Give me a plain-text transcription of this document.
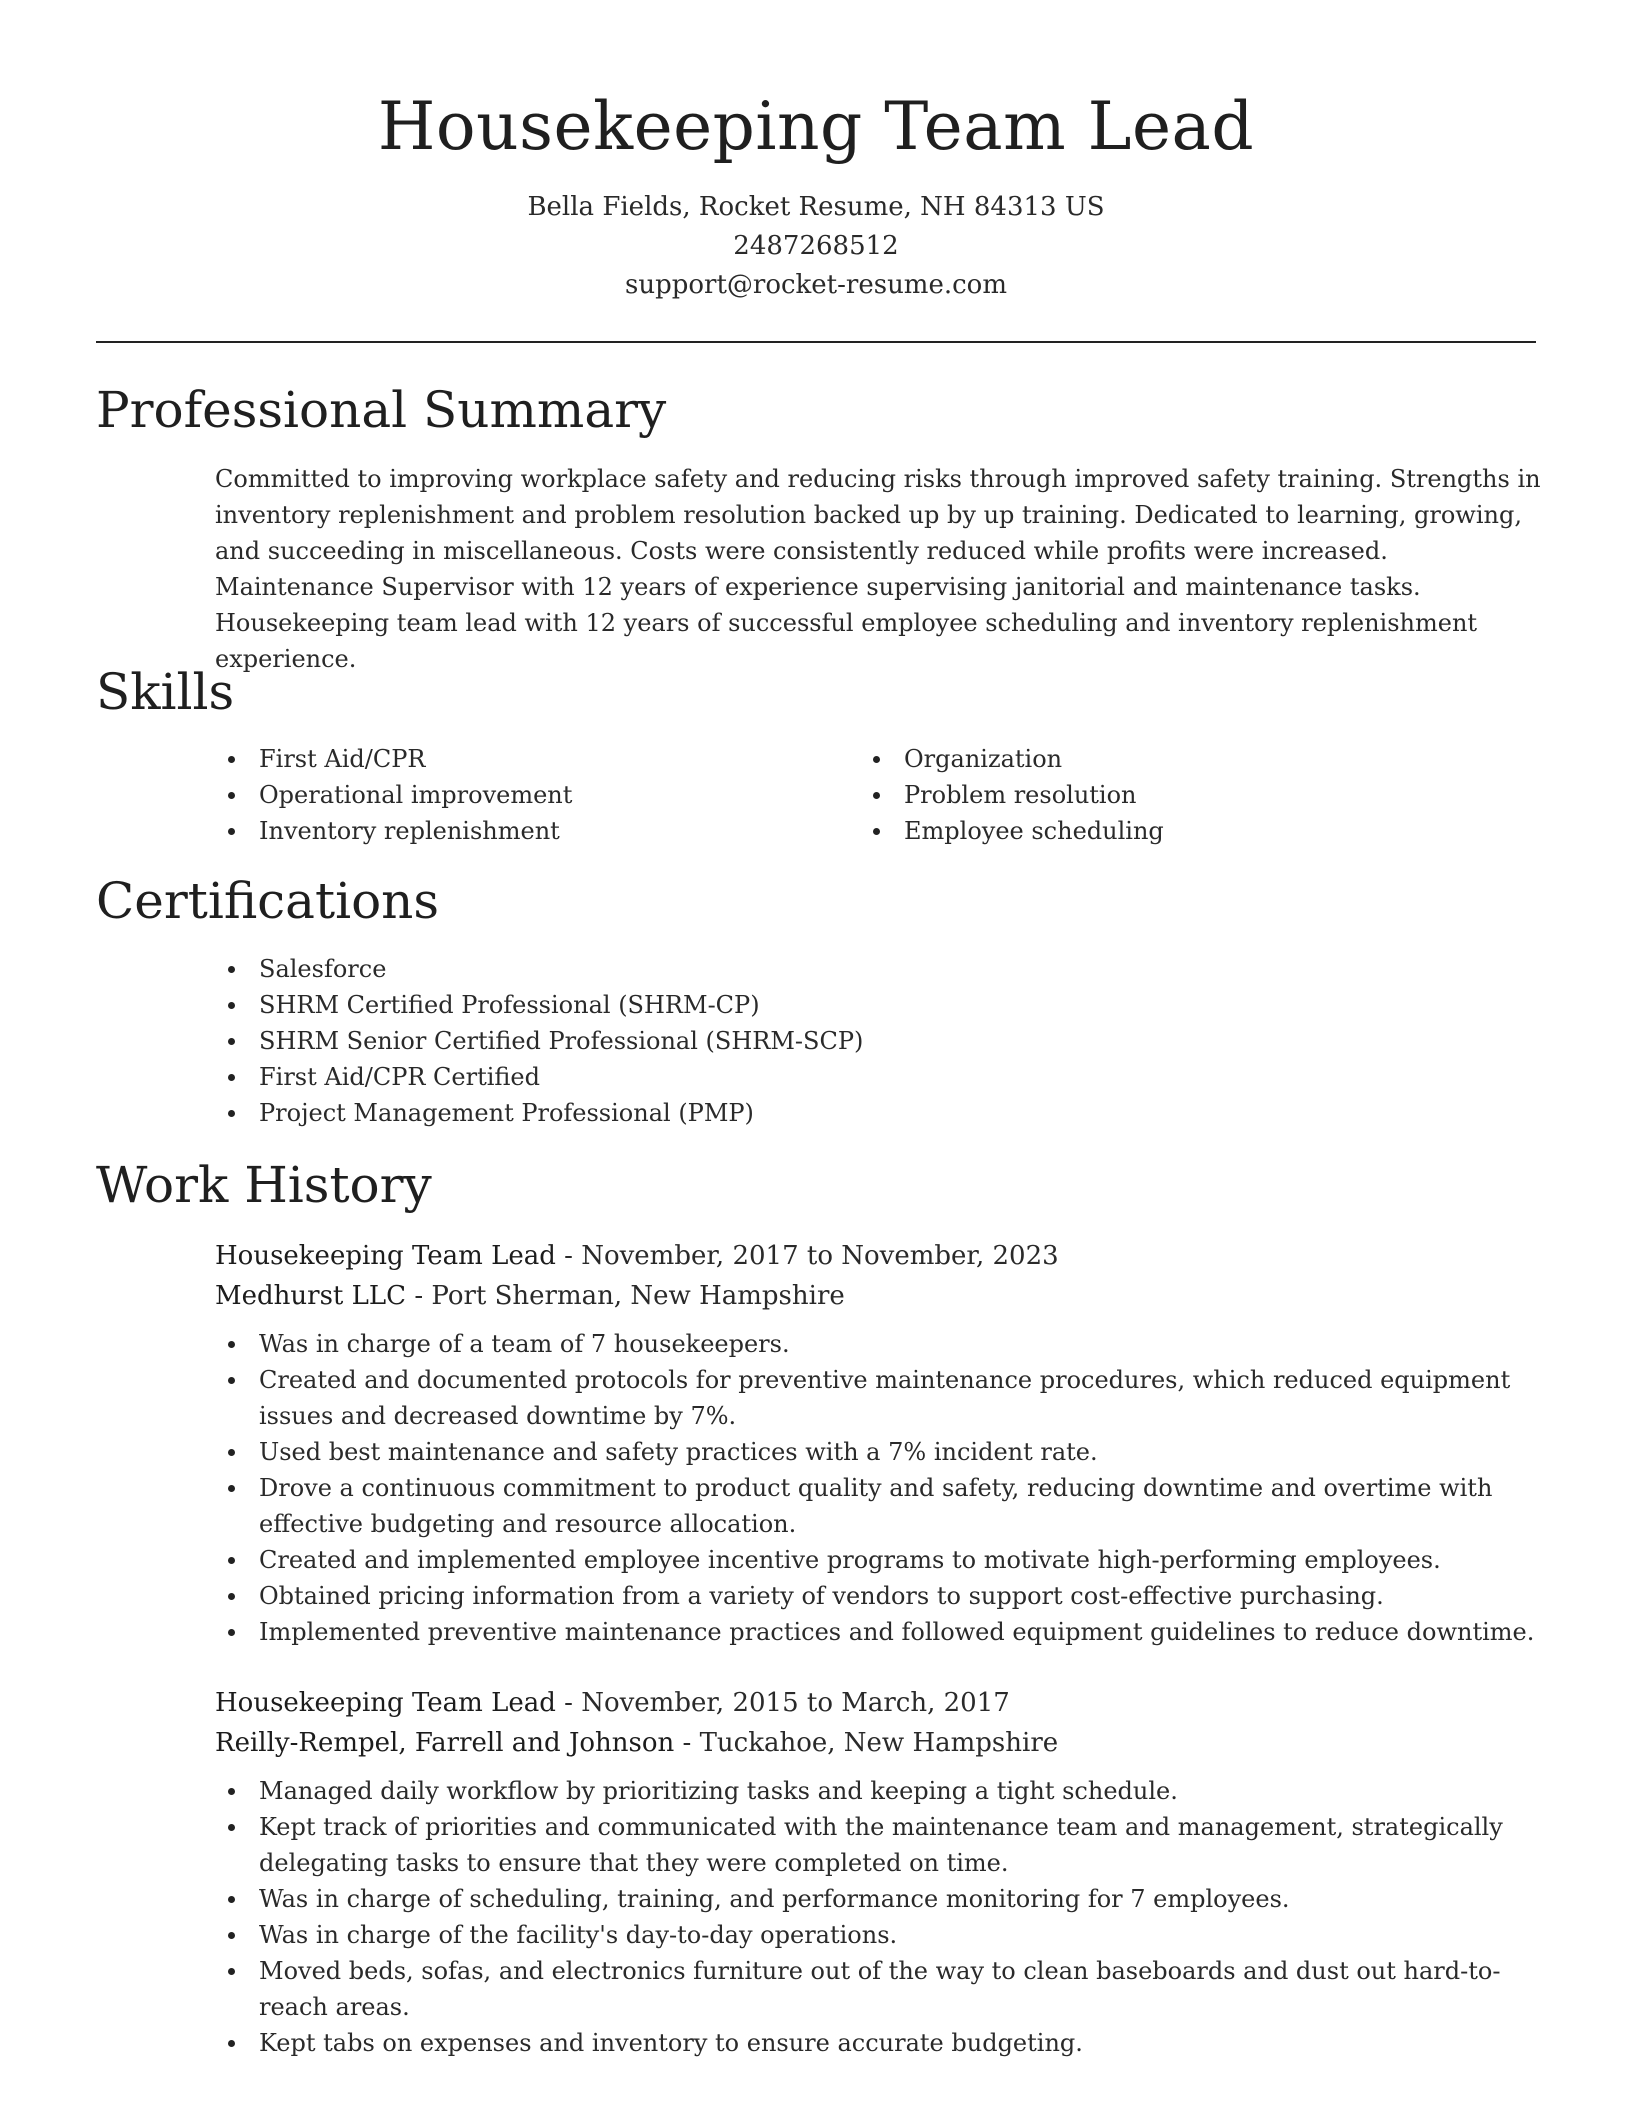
Housekeeping Team Lead
Bella Fields, Rocket Resume, NH 84313 US
2487268512
support@rocket-resume.com
Professional Summary

Committed to improving workplace safety and reducing risks through improved safety training. Strengths in inventory replenishment and problem resolution backed up by up training. Dedicated to learning, growing, and succeeding in miscellaneous. Costs were consistently reduced while profits were increased. Maintenance Supervisor with 12 years of experience supervising janitorial and maintenance tasks. Housekeeping team lead with 12 years of successful employee scheduling and inventory replenishment experience.

Skills
First Aid/CPR
Operational improvement
Inventory replenishment
Organization
Problem resolution
Employee scheduling
Certifications
Salesforce
SHRM Certified Professional (SHRM-CP)
SHRM Senior Certified Professional (SHRM-SCP)
First Aid/CPR Certified
Project Management Professional (PMP)
Work History
Housekeeping Team Lead - November, 2017 to November, 2023
Medhurst LLC - Port Sherman, New Hampshire
Was in charge of a team of 7 housekeepers.
Created and documented protocols for preventive maintenance procedures, which reduced equipment issues and decreased downtime by 7%.
Used best maintenance and safety practices with a 7% incident rate.
Drove a continuous commitment to product quality and safety, reducing downtime and overtime with effective budgeting and resource allocation.
Created and implemented employee incentive programs to motivate high-performing employees.
Obtained pricing information from a variety of vendors to support cost-effective purchasing.
Implemented preventive maintenance practices and followed equipment guidelines to reduce downtime.
Housekeeping Team Lead - November, 2015 to March, 2017
Reilly-Rempel, Farrell and Johnson - Tuckahoe, New Hampshire
Managed daily workflow by prioritizing tasks and keeping a tight schedule.
Kept track of priorities and communicated with the maintenance team and management, strategically delegating tasks to ensure that they were completed on time.
Was in charge of scheduling, training, and performance monitoring for 7 employees.
Was in charge of the facility's day-to-day operations.
Moved beds, sofas, and electronics furniture out of the way to clean baseboards and dust out hard-to-reach areas.
Kept tabs on expenses and inventory to ensure accurate budgeting.
